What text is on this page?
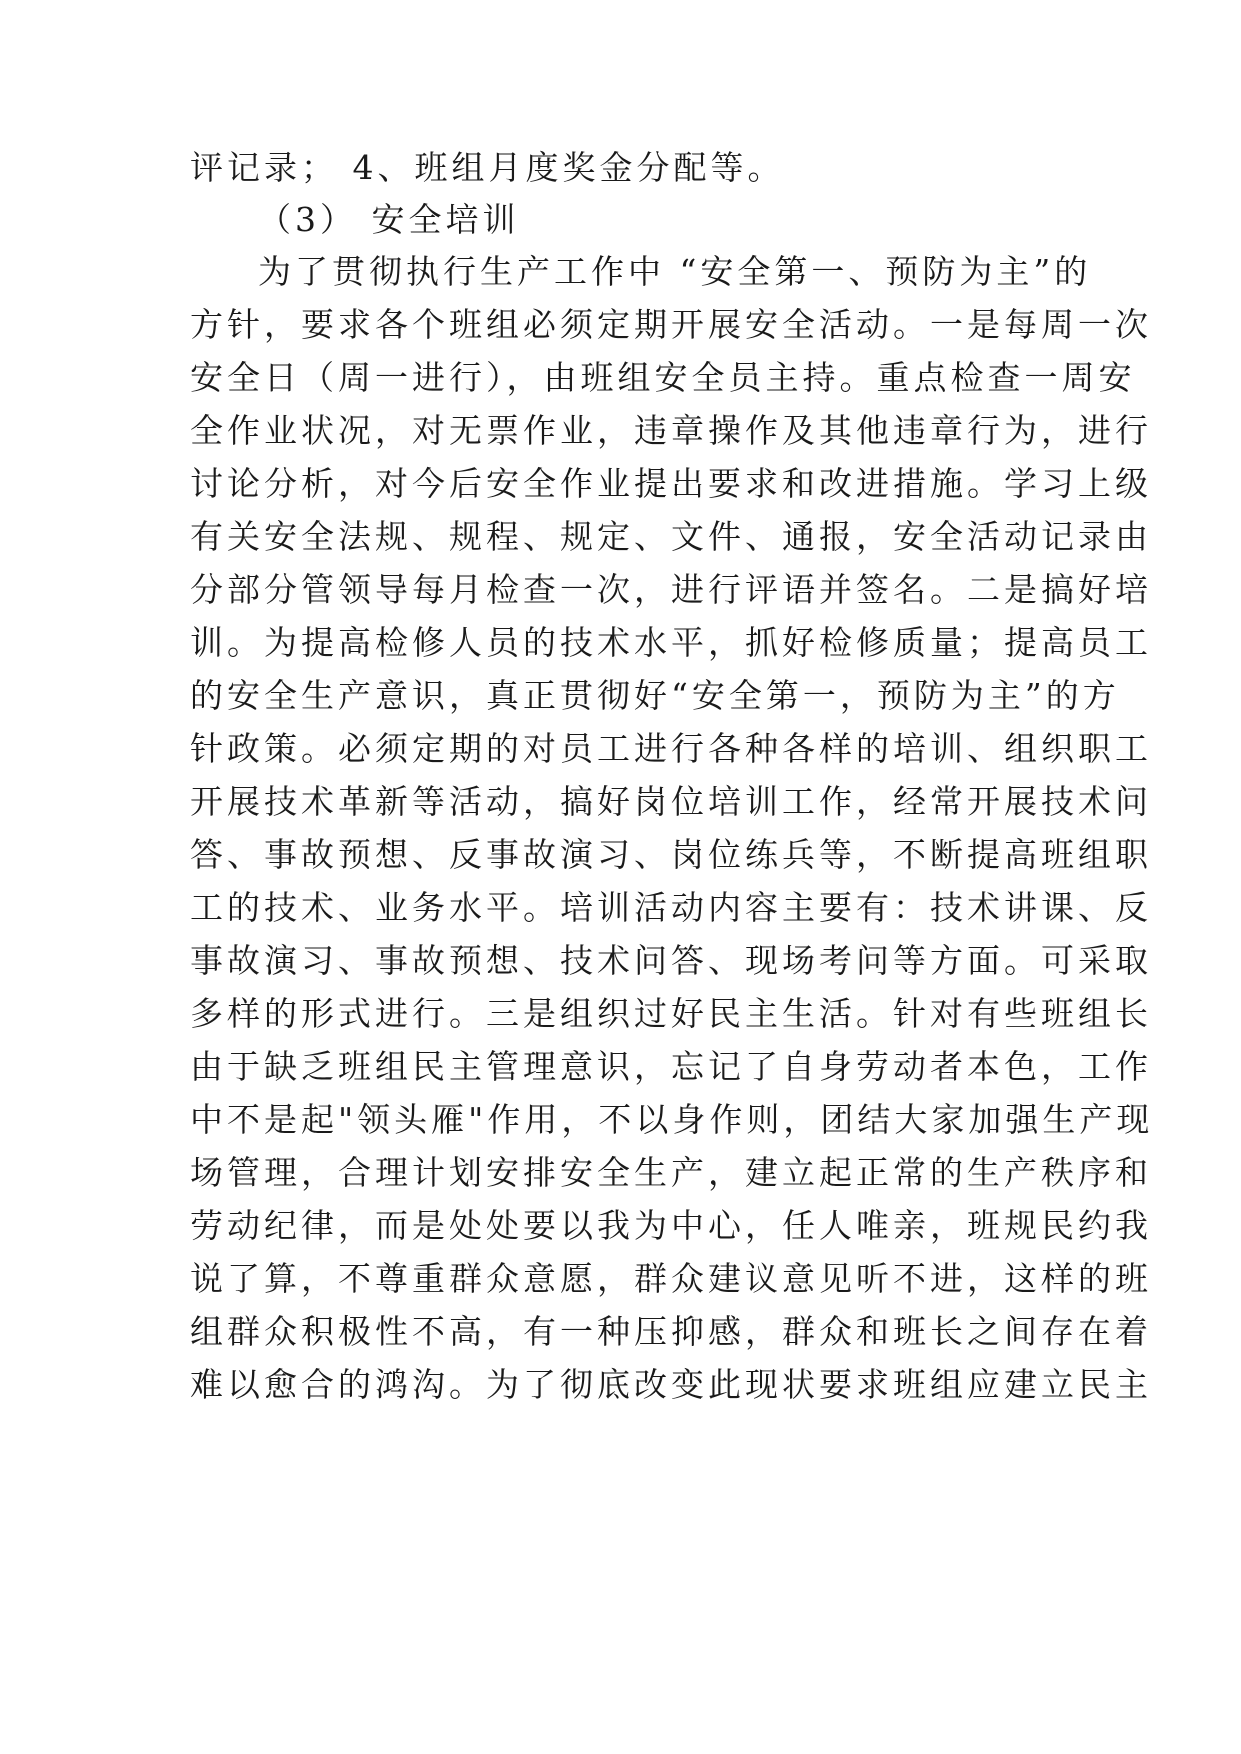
评记录； 4、班组月度奖金分配等。
（3） 安全培训
为了贯彻执行生产工作中 “安全第一、预防为主”的
方针，要求各个班组必须定期开展安全活动。一是每周一次
安全日（周一进行），由班组安全员主持。重点检查一周安
全作业状况，对无票作业，违章操作及其他违章行为，进行
讨论分析，对今后安全作业提出要求和改进措施。学习上级
有关安全法规、规程、规定、文件、通报，安全活动记录由
分部分管领导每月检查一次，进行评语并签名。二是搞好培
训。为提高检修人员的技术水平，抓好检修质量；提高员工
的安全生产意识，真正贯彻好“安全第一，预防为主”的方
针政策。必须定期的对员工进行各种各样的培训、组织职工
开展技术革新等活动，搞好岗位培训工作，经常开展技术问
答、事故预想、反事故演习、岗位练兵等，不断提高班组职
工的技术、业务水平。培训活动内容主要有：技术讲课、反
事故演习、事故预想、技术问答、现场考问等方面。可采取
多样的形式进行。三是组织过好民主生活。针对有些班组长
由于缺乏班组民主管理意识，忘记了自身劳动者本色，工作
中不是起"领头雁"作用，不以身作则，团结大家加强生产现
场管理，合理计划安排安全生产，建立起正常的生产秩序和
劳动纪律，而是处处要以我为中心，任人唯亲，班规民约我
说了算，不尊重群众意愿，群众建议意见听不进，这样的班
组群众积极性不高，有一种压抑感，群众和班长之间存在着
难以愈合的鸿沟。为了彻底改变此现状要求班组应建立民主
